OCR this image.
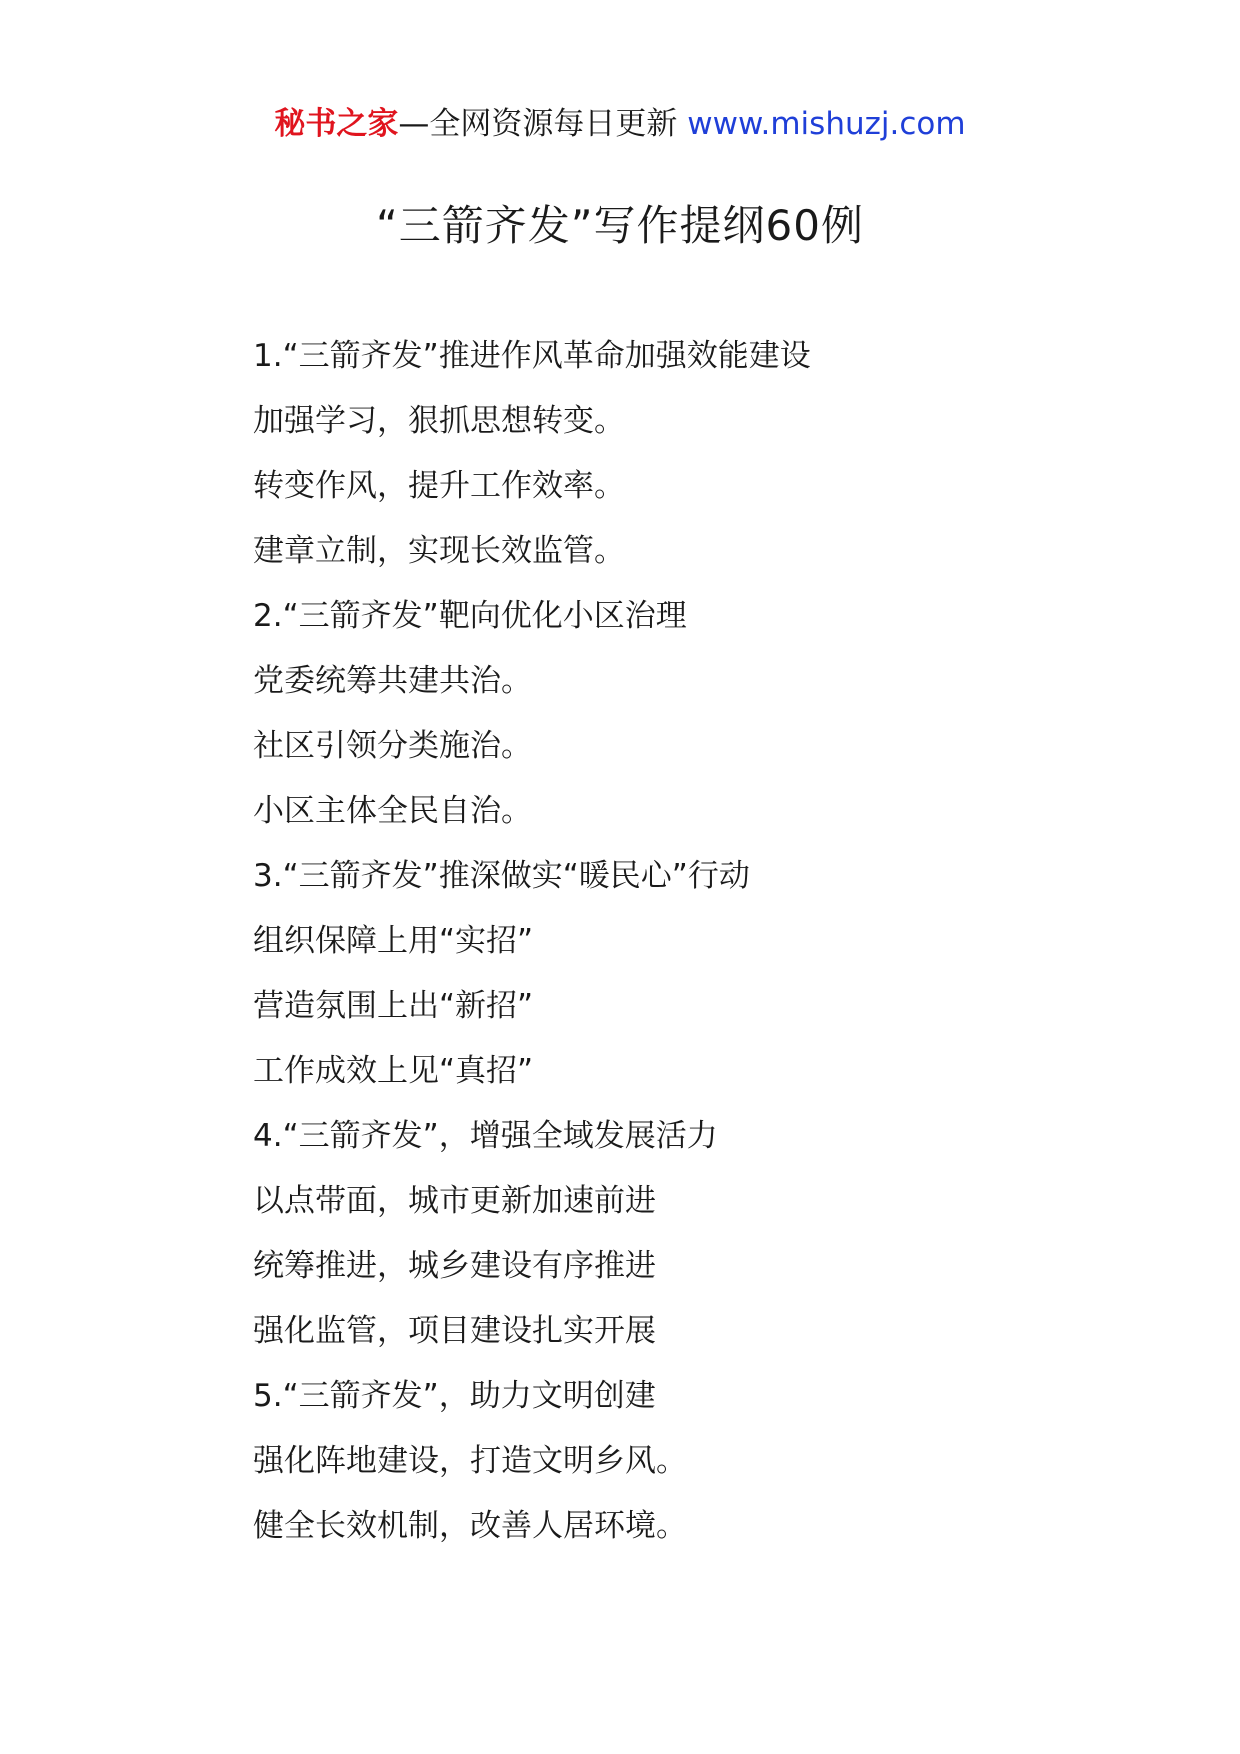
秘书之家—全网资源每日更新 www.mishuzj.com
“三箭齐发”写作提纲60例
1.“三箭齐发”推进作风革命加强效能建设
加强学习，狠抓思想转变。
转变作风，提升工作效率。
建章立制，实现长效监管。
2.“三箭齐发”靶向优化小区治理
党委统筹共建共治。
社区引领分类施治。
小区主体全民自治。
3.“三箭齐发”推深做实“暖民心”行动
组织保障上用“实招”
营造氛围上出“新招”
工作成效上见“真招”
4.“三箭齐发”，增强全域发展活力
以点带面，城市更新加速前进
统筹推进，城乡建设有序推进
强化监管，项目建设扎实开展
5.“三箭齐发”，助力文明创建
强化阵地建设，打造文明乡风。
健全长效机制，改善人居环境。
